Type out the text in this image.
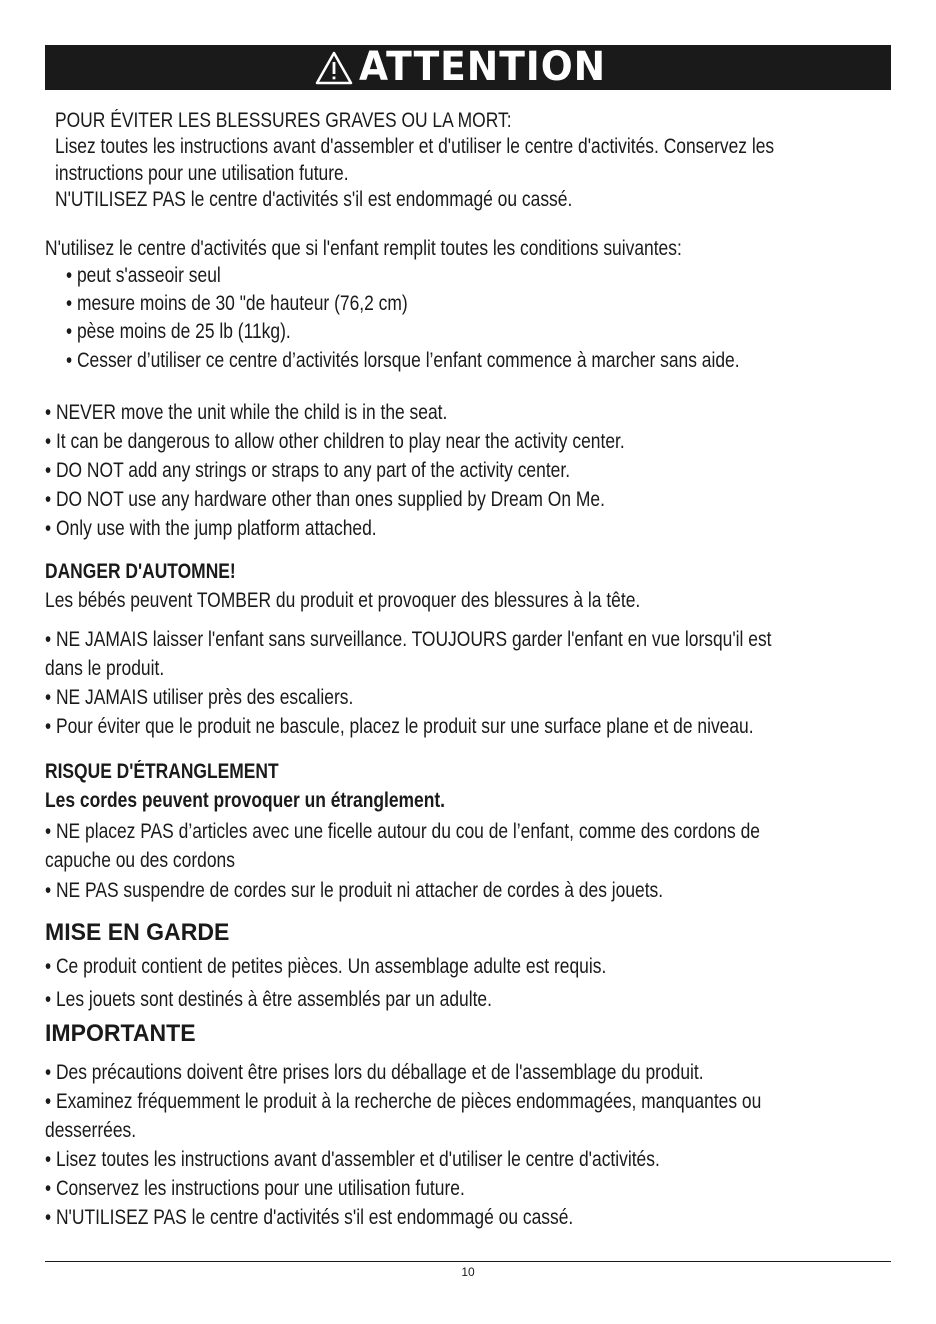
ATTENTION
POUR ÉVITER LES BLESSURES GRAVES OU LA MORT:
Lisez toutes les instructions avant d'assembler et d'utiliser le centre d'activités. Conservez les
instructions pour une utilisation future.
N'UTILISEZ PAS le centre d'activités s'il est endommagé ou cassé.
N'utilisez le centre d'activités que si l'enfant remplit toutes les conditions suivantes:
• peut s'asseoir seul
• mesure moins de 30 "de hauteur (76,2 cm)
• pèse moins de 25 lb (11kg).
• Cesser d’utiliser ce centre d’activités lorsque l’enfant commence à marcher sans aide.
• NEVER move the unit while the child is in the seat.
• It can be dangerous to allow other children to play near the activity center.
• DO NOT add any strings or straps to any part of the activity center.
• DO NOT use any hardware other than ones supplied by Dream On Me.
• Only use with the jump platform attached.
DANGER D'AUTOMNE!
Les bébés peuvent TOMBER du produit et provoquer des blessures à la tête.
• NE JAMAIS laisser l'enfant sans surveillance. TOUJOURS garder l'enfant en vue lorsqu'il est
dans le produit.
• NE JAMAIS utiliser près des escaliers.
• Pour éviter que le produit ne bascule, placez le produit sur une surface plane et de niveau.
RISQUE D'ÉTRANGLEMENT
Les cordes peuvent provoquer un étranglement.
• NE placez PAS d’articles avec une ficelle autour du cou de l’enfant, comme des cordons de
capuche ou des cordons
• NE PAS suspendre de cordes sur le produit ni attacher de cordes à des jouets.
MISE EN GARDE
• Ce produit contient de petites pièces. Un assemblage adulte est requis.
• Les jouets sont destinés à être assemblés par un adulte.
IMPORTANTE
• Des précautions doivent être prises lors du déballage et de l'assemblage du produit.
• Examinez fréquemment le produit à la recherche de pièces endommagées, manquantes ou
desserrées.
• Lisez toutes les instructions avant d'assembler et d'utiliser le centre d'activités.
• Conservez les instructions pour une utilisation future.
• N'UTILISEZ PAS le centre d'activités s'il est endommagé ou cassé.
10
